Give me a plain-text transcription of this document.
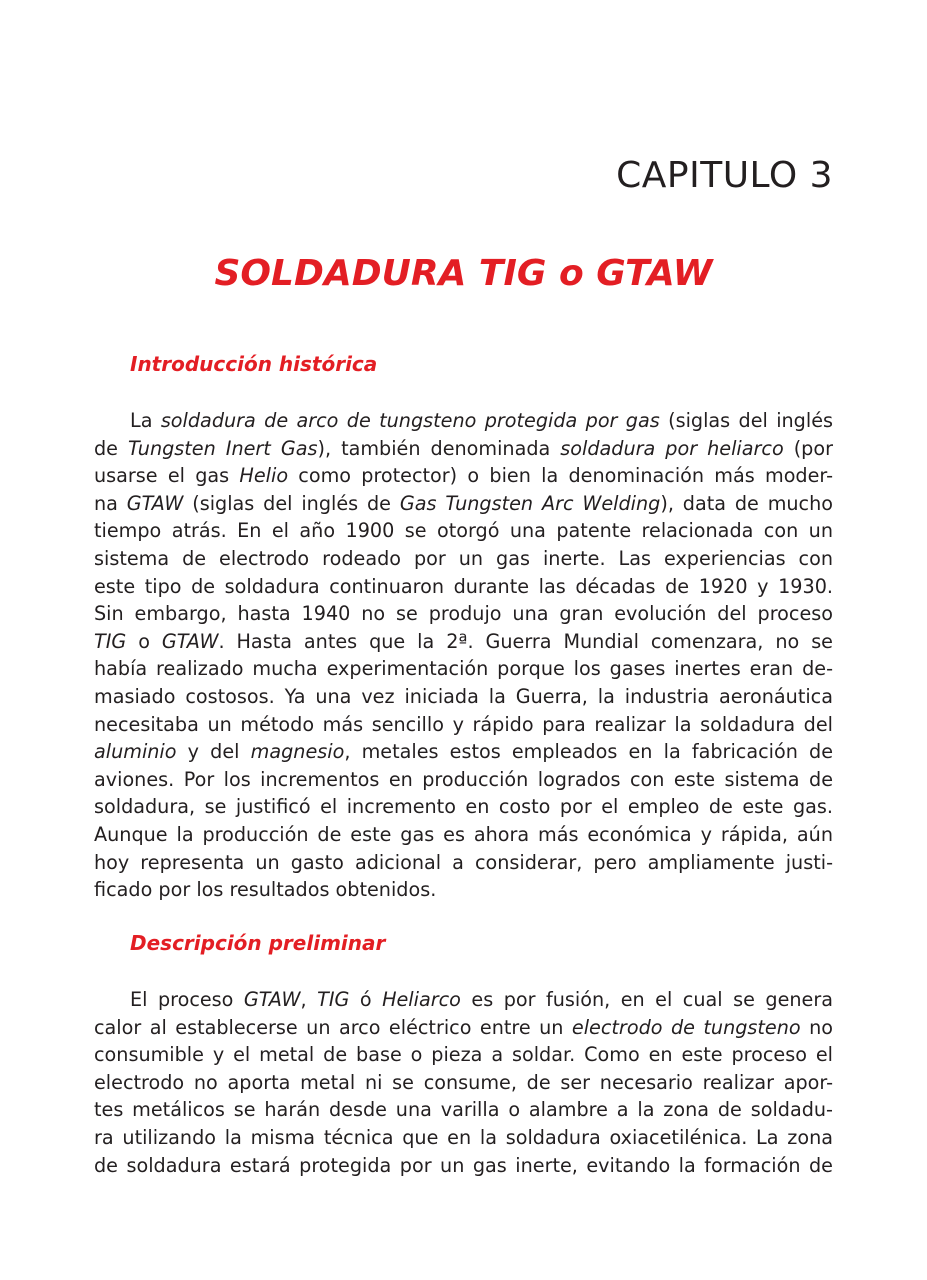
CAPITULO 3
SOLDADURA TIG o GTAW
Introducción histórica
La soldadura de arco de tungsteno protegida por gas (siglas del inglés
de Tungsten Inert Gas), también denominada soldadura por heliarco (por
usarse el gas Helio como protector) o bien la denominación más moder-
na GTAW (siglas del inglés de Gas Tungsten Arc Welding), data de mucho
tiempo atrás. En el año 1900 se otorgó una patente relacionada con un
sistema de electrodo rodeado por un gas inerte. Las experiencias con
este tipo de soldadura continuaron durante las décadas de 1920 y 1930.
Sin embargo, hasta 1940 no se produjo una gran evolución del proceso
TIG o GTAW. Hasta antes que la 2ª. Guerra Mundial comenzara, no se
había realizado mucha experimentación porque los gases inertes eran de-
masiado costosos. Ya una vez iniciada la Guerra, la industria aeronáutica
necesitaba un método más sencillo y rápido para realizar la soldadura del
aluminio y del magnesio, metales estos empleados en la fabricación de
aviones. Por los incrementos en producción logrados con este sistema de
soldadura, se justificó el incremento en costo por el empleo de este gas.
Aunque la producción de este gas es ahora más económica y rápida, aún
hoy representa un gasto adicional a considerar, pero ampliamente justi-
ficado por los resultados obtenidos.
Descripción preliminar
El proceso GTAW, TIG ó Heliarco es por fusión, en el cual se genera
calor al establecerse un arco eléctrico entre un electrodo de tungsteno no
consumible y el metal de base o pieza a soldar. Como en este proceso el
electrodo no aporta metal ni se consume, de ser necesario realizar apor-
tes metálicos se harán desde una varilla o alambre a la zona de soldadu-
ra utilizando la misma técnica que en la soldadura oxiacetilénica. La zona
de soldadura estará protegida por un gas inerte, evitando la formación de
